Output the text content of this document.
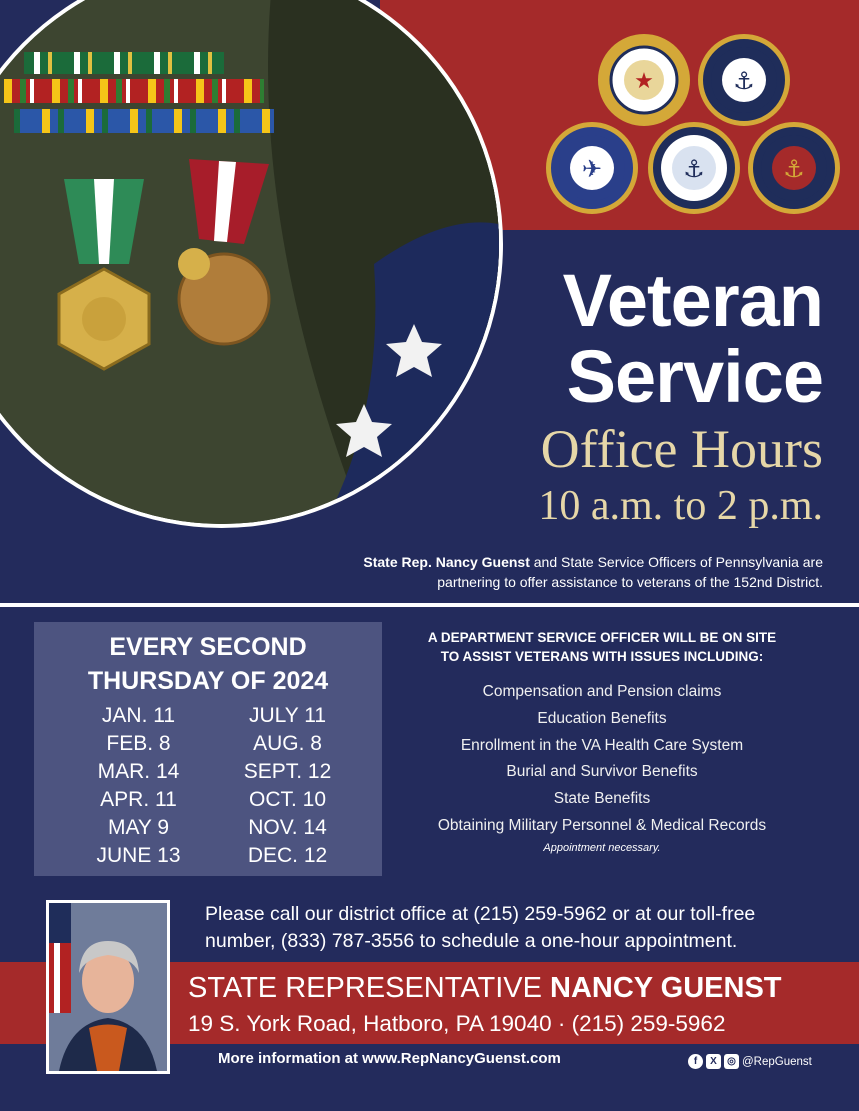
★	⚓
✈	⚓	⚓
Veteran
Service
Office Hours
10 a.m. to 2 p.m.
State Rep. Nancy Guenst and State Service Officers of Pennsylvania are
partnering to offer assistance to veterans of the 152nd District.
EVERY SECOND
THURSDAY OF 2024
JAN. 11	JULY 11
FEB. 8	AUG. 8
MAR. 14	SEPT. 12
APR. 11	OCT. 10
MAY 9	NOV. 14
JUNE 13	DEC. 12
A DEPARTMENT SERVICE OFFICER WILL BE ON SITE
TO ASSIST VETERANS WITH ISSUES INCLUDING:
Compensation and Pension claims
Education Benefits
Enrollment in the VA Health Care System
Burial and Survivor Benefits
State Benefits
Obtaining Military Personnel & Medical Records
Appointment necessary.
Please call our district office at (215) 259-5962 or at our toll-free
number, (833) 787-3556 to schedule a one-hour appointment.
STATE REPRESENTATIVE NANCY GUENST
19 S. York Road, Hatboro, PA 19040 · (215) 259-5962
More information at www.RepNancyGuenst.com	f	X	◎ @RepGuenst
